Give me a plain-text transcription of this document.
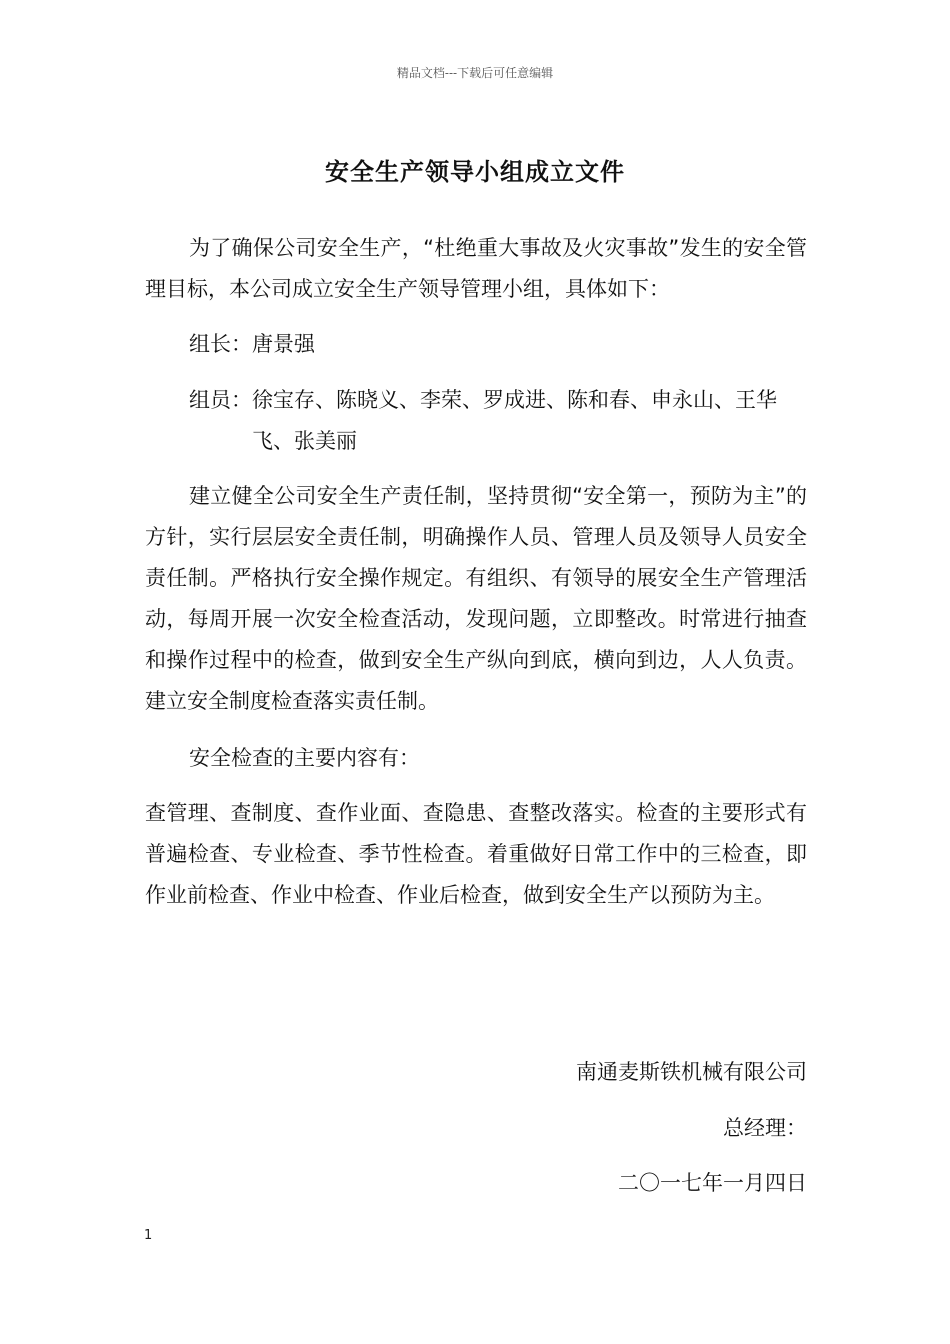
精品文档---下载后可任意编辑
安全生产领导小组成立文件

为了确保公司安全生产，“杜绝重大事故及火灾事故”发生的安全管理目标，本公司成立安全生产领导管理小组，具体如下：

组长： 唐景强
组员： 徐宝存、陈晓义、李荣、罗成进、陈和春、申永山、王华飞、张美丽

建立健全公司安全生产责任制，坚持贯彻“安全第一，预防为主”的方针，实行层层安全责任制，明确操作人员、管理人员及领导人员安全责任制。严格执行安全操作规定。有组织、有领导的展安全生产管理活动，每周开展一次安全检查活动，发现问题，立即整改。时常进行抽查和操作过程中的检查，做到安全生产纵向到底，横向到边，人人负责。建立安全制度检查落实责任制。

安全检查的主要内容有：

查管理、查制度、查作业面、查隐患、查整改落实。检查的主要形式有普遍检查、专业检查、季节性检查。着重做好日常工作中的三检查，即作业前检查、作业中检查、作业后检查，做到安全生产以预防为主。

南通麦斯铁机械有限公司
总经理：
二〇一七年一月四日
1
